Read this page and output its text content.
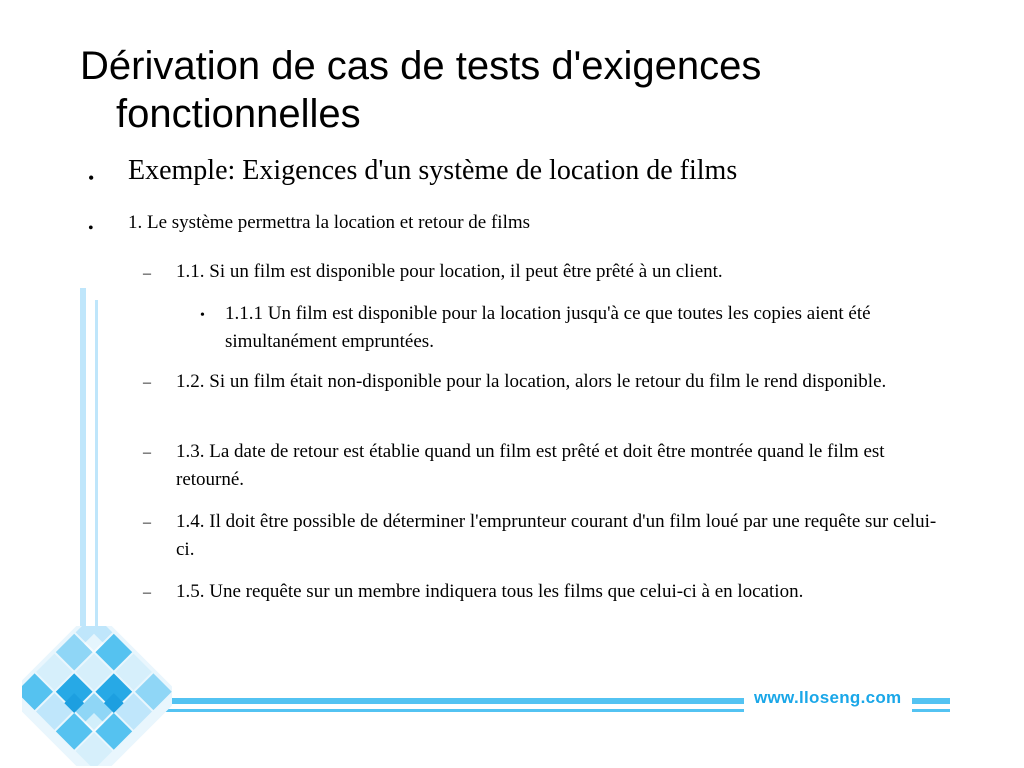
Dérivation de cas de tests d'exigences
fonctionnelles
• Exemple: Exigences d'un système de location de films
• 1. Le système permettra la location et retour de films
– 1.1. Si un film est disponible pour location, il peut être prêté à un client.
• 1.1.1 Un film est disponible pour la location jusqu'à ce que toutes les copies aient été simultanément empruntées.
– 1.2. Si un film était non-disponible pour la location, alors le retour du film le rend disponible.
– 1.3. La date de retour est établie quand un film est prêté et doit être montrée quand le film est retourné.
– 1.4. Il doit être possible de déterminer l'emprunteur courant d'un film loué par une requête sur celui-ci.
– 1.5. Une requête sur un membre indiquera tous les films que celui-ci à en location.
www.lloseng.com
